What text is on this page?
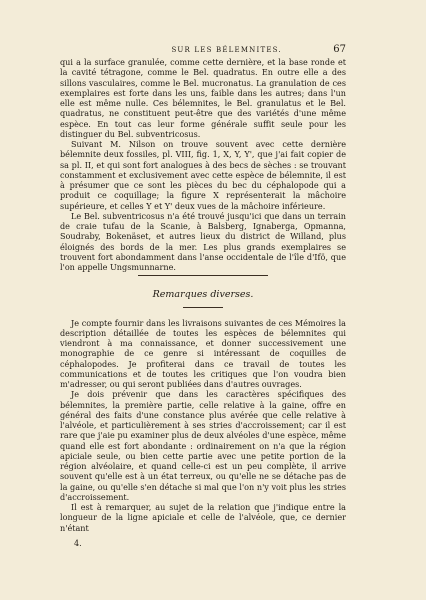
SUR LES BÉLEMNITES.	67

qui a la surface granulée, comme cette dernière, et la base ronde et la cavité tétragone, comme le Bel. quadratus. En outre elle a des sillons vasculaires, comme le Bel. mucronatus. La granulation de ces exemplaires est forte dans les uns, faible dans les autres; dans l'un elle est même nulle. Ces bélemnites, le Bel. granulatus et le Bel. quadratus, ne constituent peut-être que des variétés d'une même espèce. En tout cas leur forme générale suffit seule pour les distinguer du Bel. subventricosus.

Suivant M. Nilson on trouve souvent avec cette dernière bélemnite deux fossiles, pl. VIII, fig. 1, X, Y, Y', que j'ai fait copier de sa pl. II, et qui sont fort analogues à des becs de sèches : se trouvant constamment et exclusivement avec cette espèce de bélemnite, il est à présumer que ce sont les pièces du bec du céphalopode qui a produit ce coquillage; la figure X représenterait la mâchoire supérieure, et celles Y et Y' deux vues de la mâchoire inférieure.

Le Bel. subventricosus n'a été trouvé jusqu'ici que dans un terrain de craie tufau de la Scanie, à Balsberg, Ignaberga, Opmanna, Soudraby, Bokenäset, et autres lieux du district de Willand, plus éloignés des bords de la mer. Les plus grands exemplaires se trouvent fort abondamment dans l'anse occidentale de l'île d'Ifö, que l'on appelle Ungsmunnarne.

Remarques diverses.

Je compte fournir dans les livraisons suivantes de ces Mémoires la description détaillée de toutes les espèces de bélemnites qui viendront à ma connaissance, et donner successivement une monographie de ce genre si intéressant de coquilles de céphalopodes. Je profiterai dans ce travail de toutes les communications et de toutes les critiques que l'on voudra bien m'adresser, ou qui seront publiées dans d'autres ouvrages.

Je dois prévenir que dans les caractères spécifiques des bélemnites, la première partie, celle relative à la gaine, offre en général des faits d'une constance plus avérée que celle relative à l'alvéole, et particulièrement à ses stries d'accroissement; car il est rare que j'aie pu examiner plus de deux alvéoles d'une espèce, même quand elle est fort abondante : ordinairement on n'a que la région apiciale seule, ou bien cette partie avec une petite portion de la région alvéolaire, et quand celle-ci est un peu complète, il arrive souvent qu'elle est à un état terreux, ou qu'elle ne se détache pas de la gaine, ou qu'elle s'en détache si mal que l'on n'y voit plus les stries d'accroissement.

Il est à remarquer, au sujet de la relation que j'indique entre la longueur de la ligne apiciale et celle de l'alvéole, que, ce dernier n'étant

4.
